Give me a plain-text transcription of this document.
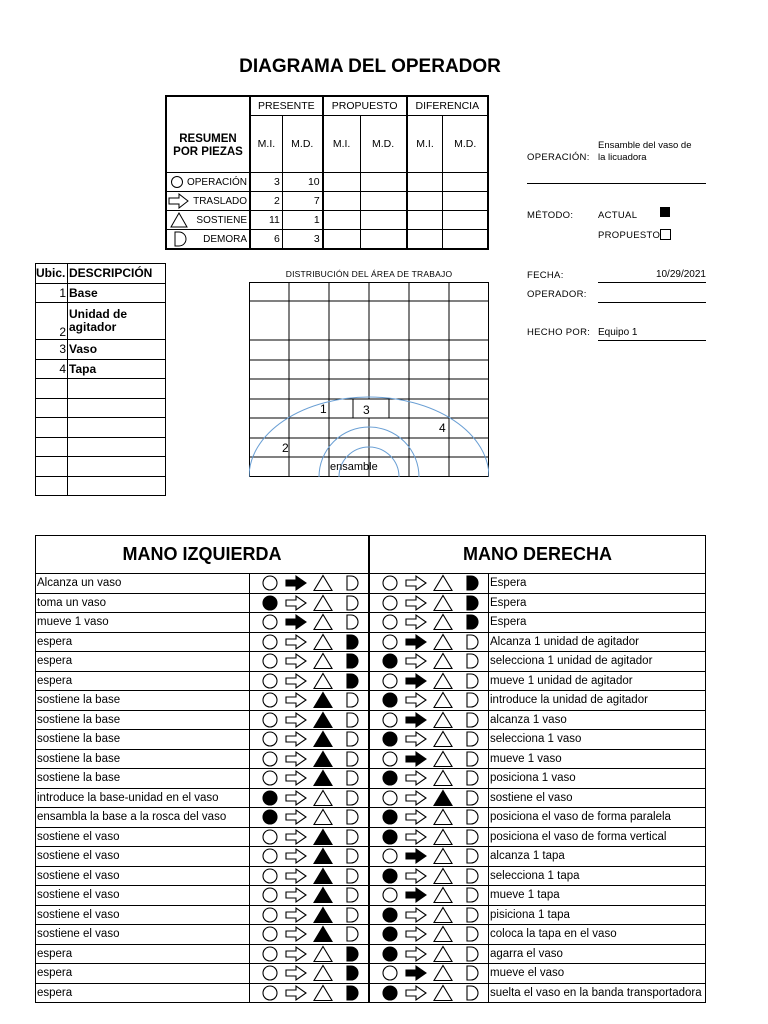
DIAGRAMA DEL OPERADOR
RESUMEN
POR PIEZAS	PRESENTE		PROPUESTO		DIFERENCIA	
	M.I.	M.D.	M.I.	M.D.	M.I.	M.D.

OPERACIÓN	3	10				

TRASLADO	2	7				

SOSTIENE	11	1				

DEMORA	6	3				
OPERACIÓN:
Ensamble del vaso de
la licuadora
MÉTODO:	ACTUAL
PROPUESTO
FECHA:	10/29/2021
OPERADOR:
HECHO POR: Equipo 1
Ubic.	DESCRIPCIÓN
1	Base
2	Unidad de agitador
3	Vaso
4	Tapa

DISTRIBUCIÓN DEL ÁREA DE TRABAJO
1	3
4
2
ensamble
MANO IZQUIERDA		MANO DERECHA	
Alcanza un vaso			Espera
toma un vaso			Espera
mueve 1 vaso			Espera
espera			Alcanza 1 unidad de agitador
espera			selecciona 1 unidad de agitador
espera			mueve 1 unidad de agitador
sostiene la base			introduce la unidad de agitador
sostiene la base			alcanza 1 vaso
sostiene la base			selecciona 1 vaso
sostiene la base			mueve 1 vaso
sostiene la base			posiciona 1 vaso
introduce la base-unidad en el vaso			sostiene el vaso
ensambla la base a la rosca del vaso			posiciona el vaso de forma paralela
sostiene el vaso			posiciona el vaso de forma vertical
sostiene el vaso			alcanza 1 tapa
sostiene el vaso			selecciona 1 tapa
sostiene el vaso			mueve 1 tapa
sostiene el vaso			pisiciona 1 tapa
sostiene el vaso			coloca la tapa en el vaso
espera			agarra el vaso
espera			mueve el vaso
espera			suelta el vaso en la banda transportadora
